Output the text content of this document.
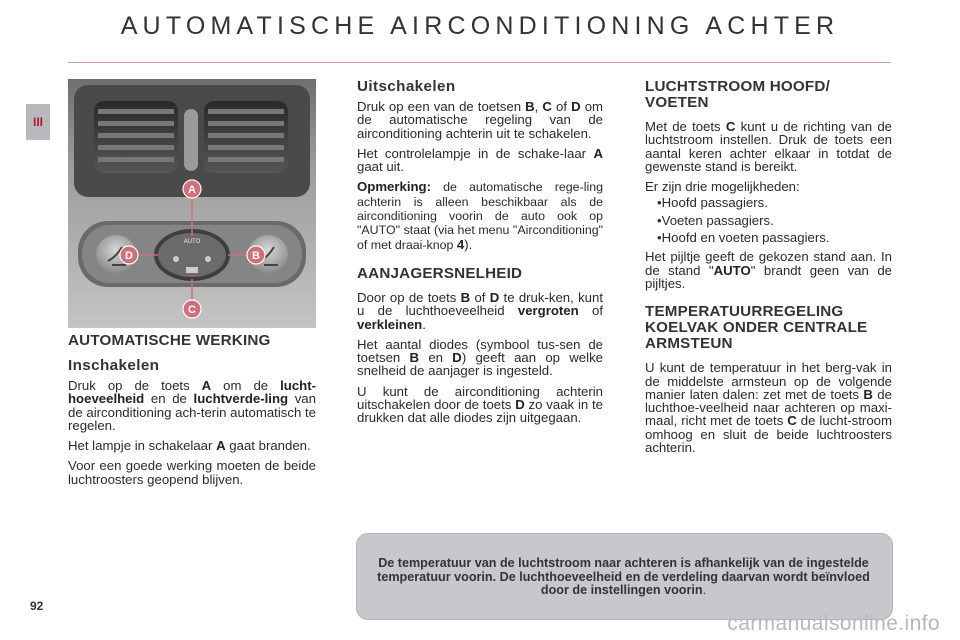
AUTOMATISCHE AIRCONDITIONING ACHTER
III
92
AUTO
A
D	B
C
AUTOMATISCHE WERKING
Inschakelen

Druk op de toets A om de lucht-hoeveelheid en de luchtverde-ling van de airconditioning ach-terin automatisch te regelen.

Het lampje in schakelaar A gaat branden.

Voor een goede werking moeten de beide luchtroosters geopend blijven.

Uitschakelen

Druk op een van de toetsen B, C of D om de automatische regeling van de airconditioning achterin uit te schakelen.

Het controlelampje in de schake-laar A gaat uit.

Opmerking: de automatische rege-ling achterin is alleen beschikbaar als de airconditioning voorin de auto ook op "AUTO" staat (via het menu "Airconditioning" of met draai-knop 4).

AANJAGERSNELHEID

Door op de toets B of D te druk-ken, kunt u de luchthoeveelheid vergroten of verkleinen.

Het aantal diodes (symbool tus-sen de toetsen B en D) geeft aan op welke snelheid de aanjager is ingesteld.

U kunt de airconditioning achterin uitschakelen door de toets D zo vaak in te drukken dat alle diodes zijn uitgegaan.

LUCHTSTROOM HOOFD/ VOETEN

Met de toets C kunt u de richting van de luchtstroom instellen. Druk de toets een aantal keren achter elkaar in totdat de gewenste stand is bereikt.

Er zijn drie mogelijkheden:

• Hoofd passagiers.
• Voeten passagiers.
• Hoofd en voeten passagiers.

Het pijltje geeft de gekozen stand aan. In de stand "AUTO" brandt geen van de pijltjes.

TEMPERATUURREGELING KOELVAK ONDER CENTRALE ARMSTEUN

U kunt de temperatuur in het berg-vak in de middelste armsteun op de volgende manier laten dalen: zet met de toets B de luchthoe-veelheid naar achteren op maxi-maal, richt met de toets C de lucht-stroom omhoog en sluit de beide luchtroosters achterin.

De temperatuur van de luchtstroom naar achteren is afhankelijk van de ingestelde temperatuur voorin. De luchthoeveelheid en de verdeling daarvan wordt beïnvloed door de instellingen voorin.
carmanualsonline.info
